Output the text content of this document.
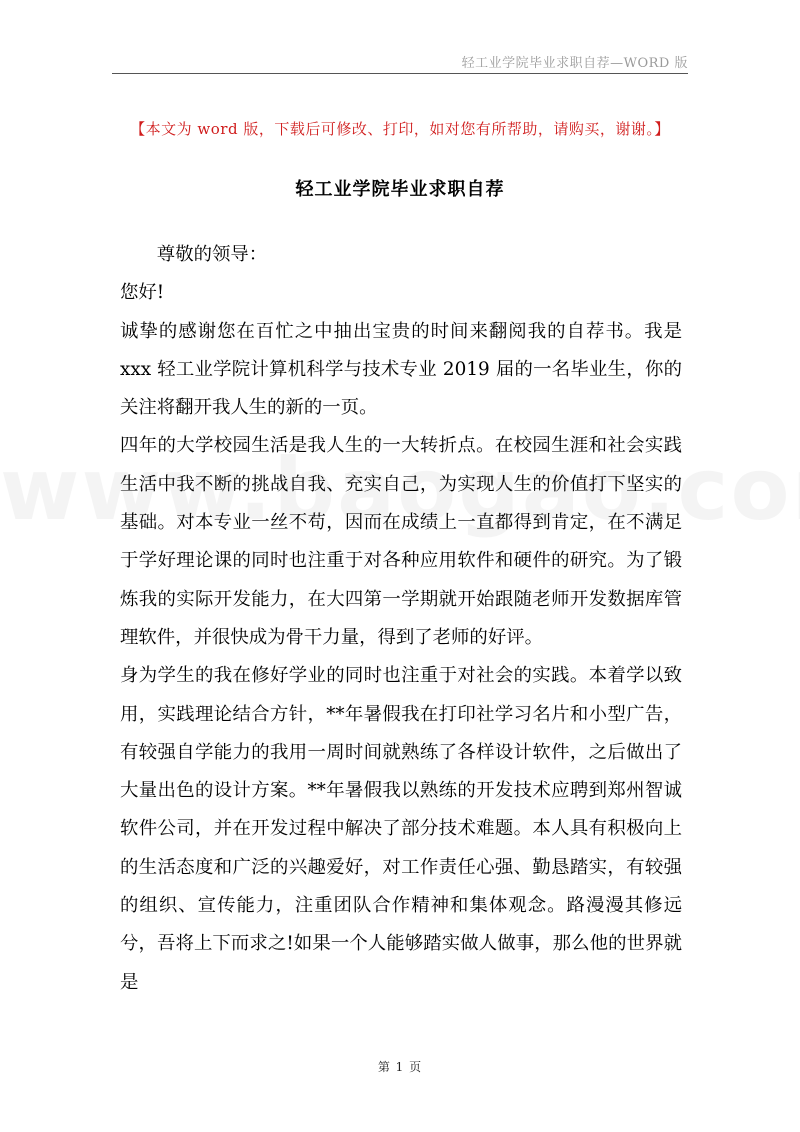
轻工业学院毕业求职自荐—WORD 版
【本文为 word 版，下载后可修改、打印，如对您有所帮助，请购买，谢谢。】
轻工业学院毕业求职自荐

尊敬的领导：

您好!

诚挚的感谢您在百忙之中抽出宝贵的时间来翻阅我的自荐书。我是 xxx 轻工业学院计算机科学与技术专业 2019 届的一名毕业生，你的关注将翻开我人生的新的一页。

四年的大学校园生活是我人生的一大转折点。在校园生涯和社会实践生活中我不断的挑战自我、充实自己，为实现人生的价值打下坚实的基础。对本专业一丝不苟，因而在成绩上一直都得到肯定，在不满足于学好理论课的同时也注重于对各种应用软件和硬件的研究。为了锻炼我的实际开发能力，在大四第一学期就开始跟随老师开发数据库管理软件，并很快成为骨干力量，得到了老师的好评。

身为学生的我在修好学业的同时也注重于对社会的实践。本着学以致用，实践理论结合方针，**年暑假我在打印社学习名片和小型广告，有较强自学能力的我用一周时间就熟练了各样设计软件，之后做出了大量出色的设计方案。**年暑假我以熟练的开发技术应聘到郑州智诚软件公司，并在开发过程中解决了部分技术难题。本人具有积极向上的生活态度和广泛的兴趣爱好，对工作责任心强、勤恳踏实，有较强的组织、宣传能力，注重团队合作精神和集体观念。路漫漫其修远兮，吾将上下而求之!如果一个人能够踏实做人做事，那么他的世界就是

第 1 页
